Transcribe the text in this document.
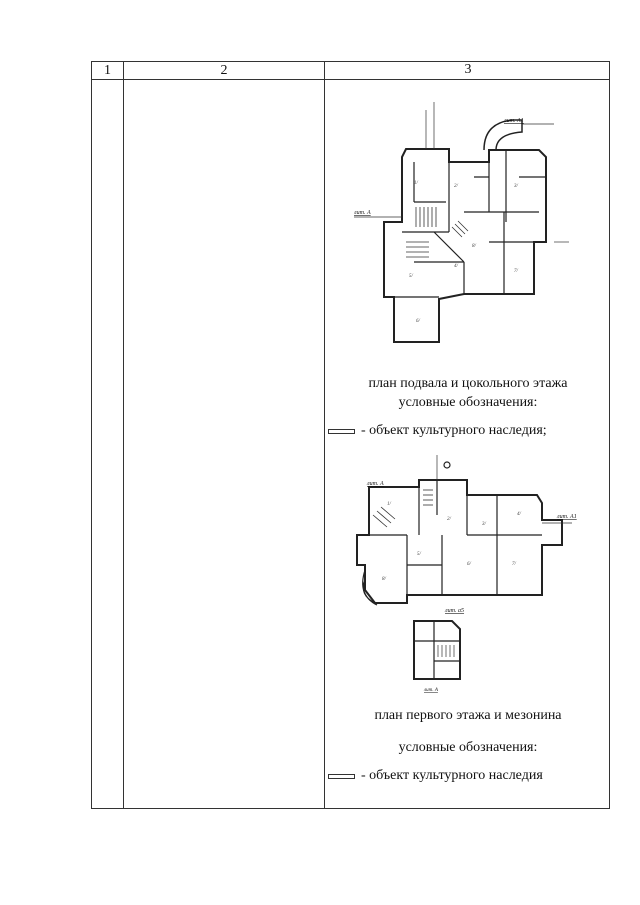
1	2	3
1/
2/	3/
4/
5/
6/
7/
8/
лит. А1
лит. А
план подвала и цокольного этажа
условные обозначения:
- объект культурного наследия;
1/
2/
3/
4/
5/
6/	7/
8/
лит. А
лит. А1
лит. а5
лит. А
план первого этажа и мезонина
условные обозначения:
- объект культурного наследия
